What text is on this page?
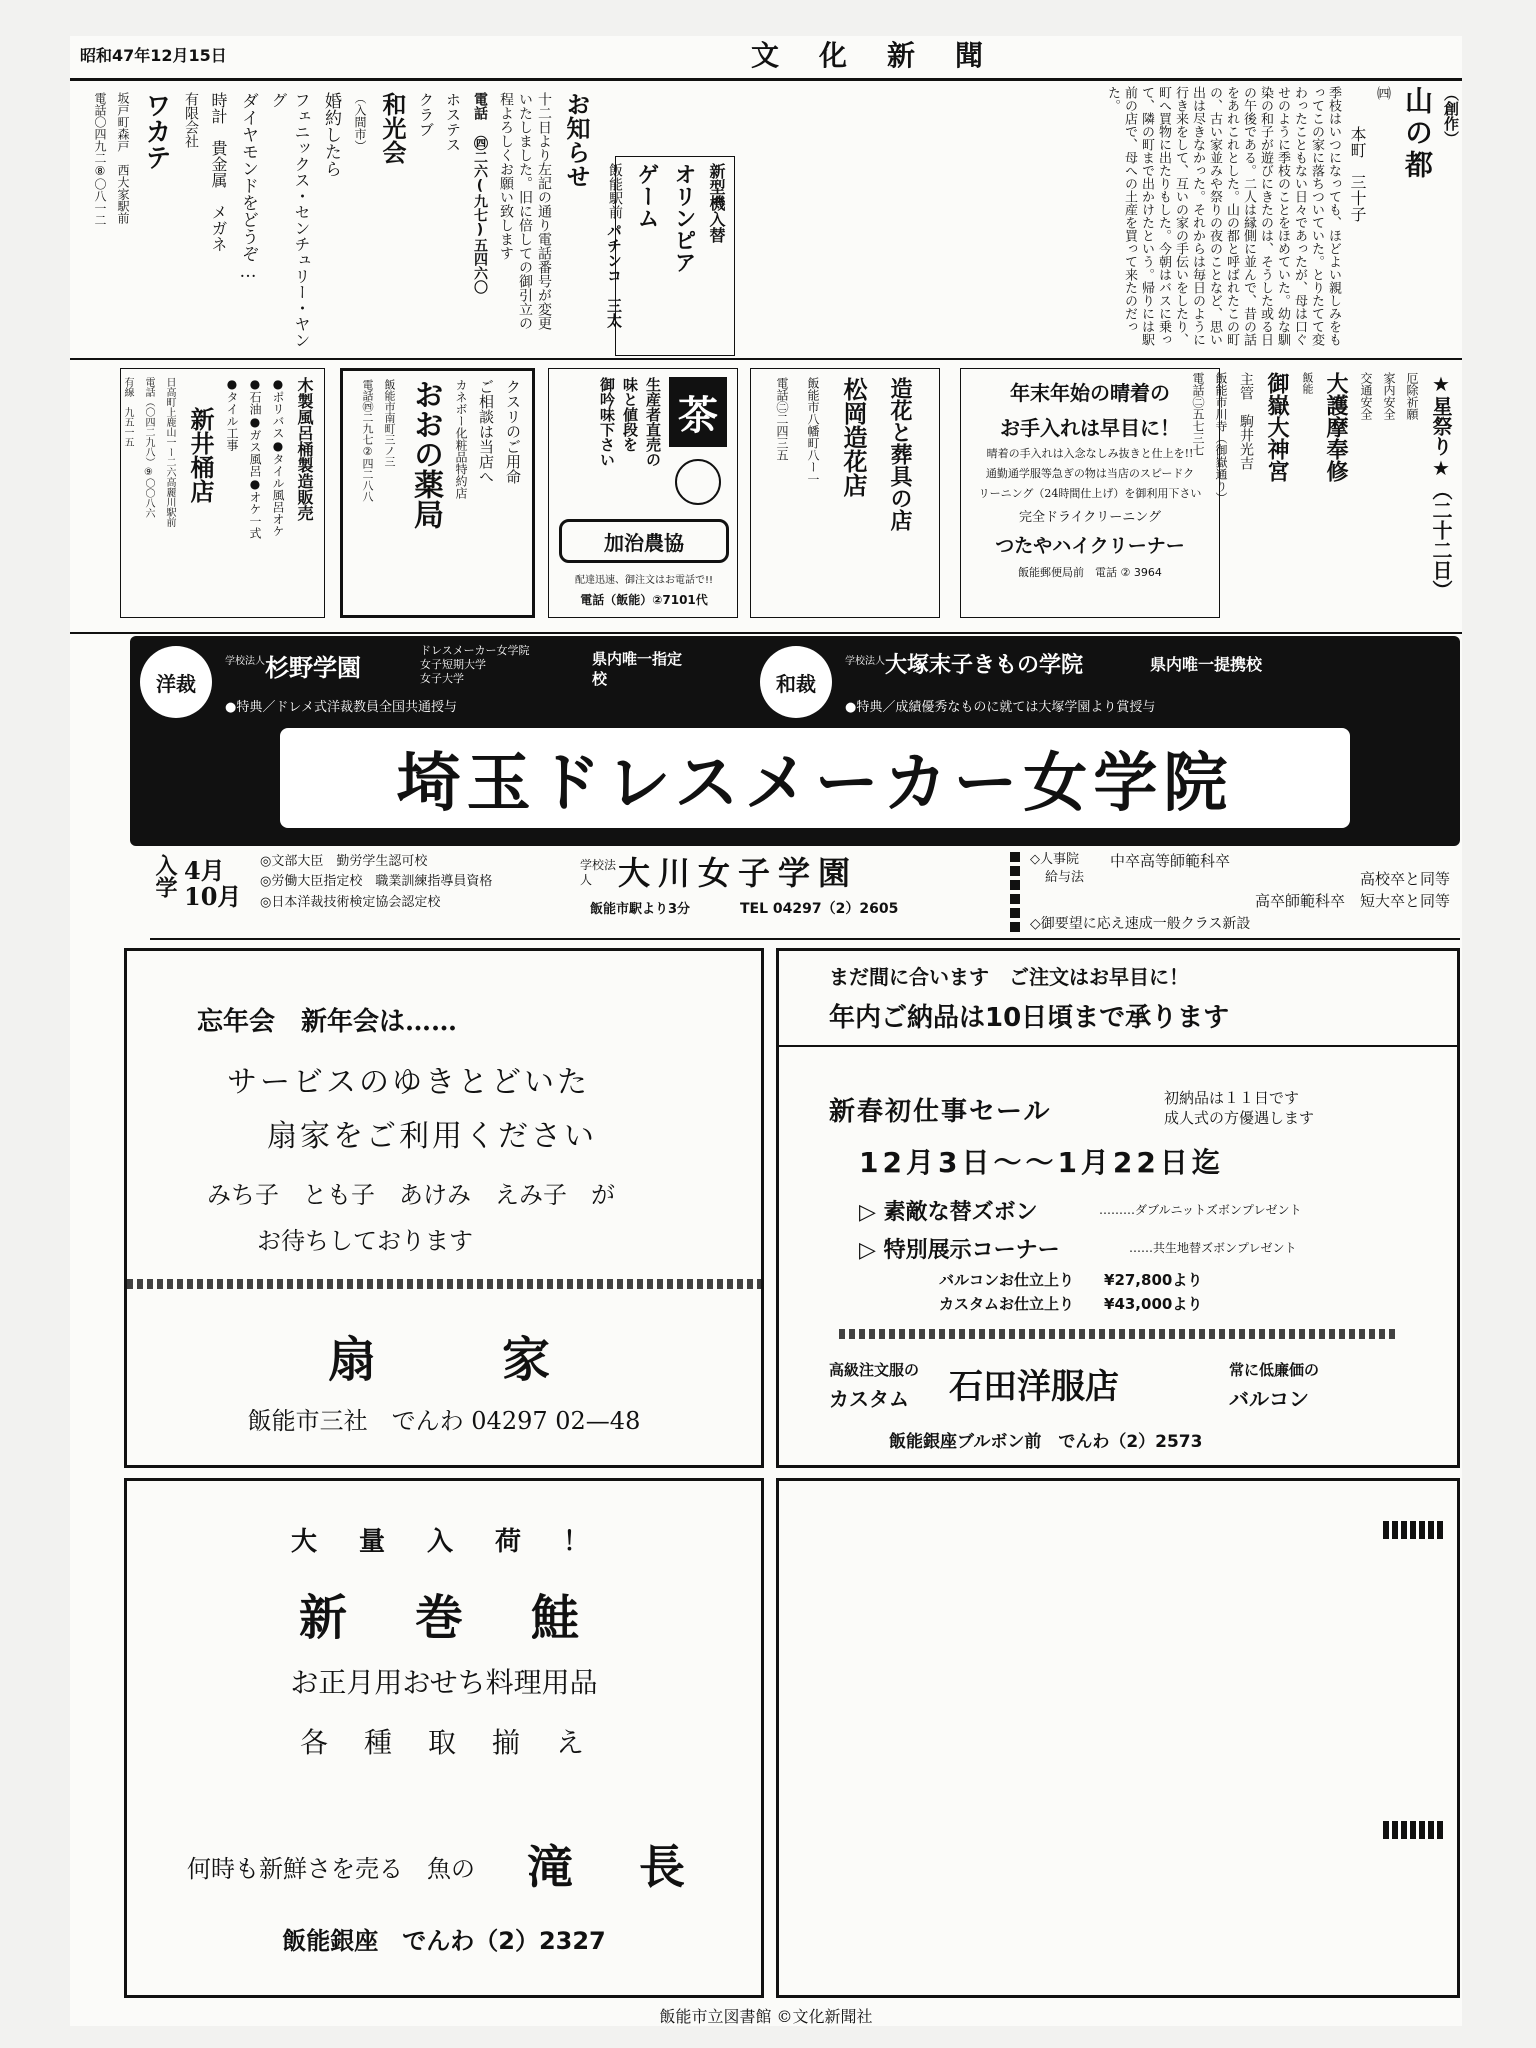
昭和47年12月15日	文　化　新　聞
（創作）
山の都
㈣
本町　三十子
季枝はいつになっても、ほどよい親しみをもってこの家に落ちついていた。とりたてて変わったこともない日々であったが、母は口ぐせのように季枝のことをほめていた。幼な馴染の和子が遊びにきたのは、そうした或る日の午後である。二人は縁側に並んで、昔の話をあれこれとした。山の都と呼ばれたこの町の、古い家並みや祭りの夜のことなど、思い出は尽きなかった。それからは毎日のように行き来をして、互いの家の手伝いをしたり、町へ買物に出たりもした。今朝はバスに乗って、隣の町まで出かけたという。帰りには駅前の店で、母への土産を買って来たのだった。
新型機入替
オリンピア
ゲーム
飯能駅前
パチンコ　三太
お知らせ
十二日より左記の通り電話番号が変更いたしました。旧に倍しての御引立の程よろしくお願い致します
電話 ㊃二六(九七)五四六〇
ホステス
クラブ
和光会
（入間市）
婚約したら
フェニックス・センチュリー・ヤング
ダイヤモンドをどうぞ…
時計　貴金属　メガネ
有限会社
ワカテ
坂戸町森戸　西大家駅前
電話〇四九二⑧〇八一二
★星祭り★（二十二日）
厄除祈願
家内安全
交通安全
大護摩奉修
飯能
御嶽大神宮
主管　駒井光吉
飯能市川寺（御嶽通り）
電話㊁五七三七
年末年始の晴着の
お手入れは早目に！
晴着の手入れは入念なしみ抜きと仕上を!!
通勤通学服等急ぎの物は当店のスピードク
リーニング（24時間仕上げ）を御利用下さい
完全ドライクリーニング
つたやハイクリーナー
飯能郵便局前　電話 ② 3964
造花と葬具の店
松岡造花店
飯能市八幡町八ー一
電話㊁二四三五
茶
生産者直売の
味と値段を
御吟味下さい
加治農協
配達迅速、御注文はお電話で!!
電話（飯能）②7101代
クスリのご用命
ご相談は当店へ
カネボー化粧品特約店
おおの薬局
飯能市南町三ノ三
電話㊃二九七②四二八八
木製風呂桶製造販売
●ポリバス●タイル風呂オケ
●石油●ガス風呂●オケ一式
●タイル工事
新井桶店
日高町上鹿山一ー二六高麗川駅前
電話（〇四二九八）⑨〇〇八六
有線　九五一五
洋裁
学校法人 杉野学園
ドレスメーカー女学院
女子短期大学
女子大学
県内唯一指定校
●特典／ドレメ式洋裁教員全国共通授与
和裁
学校法人 大塚末子きもの学院	県内唯一提携校
●特典／成績優秀なものに就ては大塚学園より賞授与
埼玉ドレスメーカー女学院
入学 4月 10月
◎文部大臣　勤労学生認可校
◎労働大臣指定校　職業訓練指導員資格
◎日本洋裁技術検定協会認定校
学校法人 大川女子学園
飯能市駅より3分	TEL 04297（2）2605
◇人事院
給与法
中卒高等師範科卒
高校卒と同等
高卒師範科卒　短大卒と同等
◇御要望に応え速成一般クラス新設
忘年会　新年会は……
サービスのゆきとどいた
扇家をご利用ください
みち子　とも子　あけみ　えみ子　が
お待ちしております
扇　　家
飯能市三社　でんわ 04297 02—48
まだ間に合います　ご注文はお早目に！
年内ご納品は10日頃まで承ります
新春初仕事セール	初納品は１１日です
成人式の方優遇します
12月3日～～1月22日迄
▷ 素敵な替ズボン	………ダブルニットズボンプレゼント
▷ 特別展示コーナー	……共生地替ズボンプレゼント
バルコンお仕立上り　　¥27,800より
カスタムお仕立上り　　¥43,000より
高級注文服の
カスタム	石田洋服店	常に低廉価の
バルコン
飯能銀座ブルボン前　でんわ（2）2573
大　量　入　荷　！
新　巻　鮭
お正月用おせち料理用品
各　種　取　揃　え
何時も新鮮さを売る　魚の	滝　長
飯能銀座　でんわ（2）2327
飯能市立図書館 ©文化新聞社
